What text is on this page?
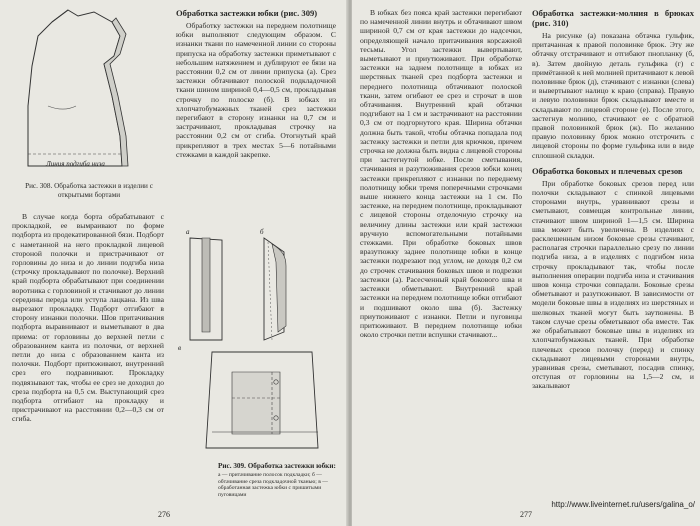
Линия подгиба низа
Рис. 308. Обработка застежки в изделии с открытыми бортами

В случае когда борта обрабатывают с прокладкой, ее вымраивают по форме подборта из продекатированной бязи. Подборт с наметанной на него прокладкой лицевой стороной полочки и пристрачивают от горловины до низа и до линии подгиба низа (строчку прокладывают по полочке). Верхний край подборта обрабатывают при соединении воротника с горловиной и стачивают до линии середины переда или уступа лацкана. Из шва вырезают прокладку. Подборт отгибают в сторону изнанки полочки. Шов притачивания подборта выравнивают и выметывают в два приема: от горловины до верхней петли с образованием канта из полочки, от верхней петли до низа с образованием канта из полочки. Подборт притюживают, внутренний срез его подравнивают. Прокладку подвязывают так, чтобы ее срез не доходил до среза подборта на 0,5 см. Выступающий срез подборта отгибают на прокладку и пристрачивают на расстоянии 0,2—0,3 см от сгиба.

Обработка застежки юбки (рис. 309)

Обработку застежки на переднем полотнище юбки выполняют следующим образом. С изнанки ткани по намеченной линии со стороны припуска на обработку застежки приметывают с небольшим натяжением и дублируют ее бязи на расстоянии 0,2 см от линии припуска (а). Срез застежки обтачивают полоской подкладочной ткани шином шириной 0,4—0,5 см, прокладывая строчку по полоске (б). В юбках из хлопчатобумажных тканей срез застежки перегибают в сторону изнанки на 0,7 см и застрачивают, прокладывая строчку на расстоянии 0,2 см от сгиба. Отогнутый край прикрепляют в трех местах 5—6 потайными стежками в каждой закрепке.

а	б
в
Рис. 309. Обработка застежки юбки:
а — притачивание полосок подкладки; б — обтачивание среза подкладочной тканью; в — обработанная застежка юбки с пришитыми пуговицами
276

В юбках без пояса край застежки перегибают по намеченной линии внутрь и обтачивают швом шириной 0,7 см от края застежки до надсечки, определяющей начало притачивания корсажной тесьмы. Угол застежки вывертывают, выметывают и приутюживают. При обработке застежки на заднем полотнище в юбках из шерстяных тканей срез подборта застежки и переднего полотнища обтачивают полоской ткани, затем огибают ее срез и строчат в шов обтачивания. Внутренний край обтачки подгибают на 1 см и застрачивают на расстоянии 0,3 см от подгорнутого края. Ширина обтачки должна быть такой, чтобы обтачка попадала под застежку застежки и петли для крючков, причем строчка не должна быть видна с лицевой стороны при застегнутой юбке. После сметывания, стачивания и разутюживания срезов юбки конец застежки прикрепляют с изнанки по переднему полотнищу юбки тремя поперечными строчками выше нижнего конца застежки на 1 см. По застежке, на переднем полотнище, прокладывают с лицевой стороны отделочную строчку на величину длины застежки или край застежки вручную вспомогательными потайными стежками. При обработке боковых швов вразутюжку заднее полотнище юбки в конце застежки подрезают под углом, не доходя 0,2 см до строчек стачивания боковых швов и подрезки застежки (а). Расесченный край бокового шва и застежки обметывают. Внутренний край застежки на переднем полотнище юбки отгибают и подшивают около шва (б). Застежку приутюживают с изнанки. Петли и пуговицы притюживают. В переднем полотнище юбки около строчки петли вспушки стачивают...

Обработка застежки-молния в брюках (рис. 310)

На рисунке (а) показана обтачка гульфик, притачанная к правой половинке брюк. Эту же обтачку отстрачивают и отгибают пнопланку (б, в). Затем двойную деталь гульфика (г) с примётанной к ней молнией притачивают к левой половинке брюк (д), стачивают с изнанки (слева) и вывертывают налицо к краю (справа). Правую и левую половинки брюк складывают вместе и складывают по лицевой стороне (е). После этого, застегнув молнию, стачивают ее с обратной правой половинкой брюк (ж). По желанию правую половинку брюк можно отстрочить с лицевой стороны по форме гульфика или в виде сплошной складки.

Обработка боковых и плечевых срезов

При обработке боковых срезов перед или полочки складывают с спинкой лицевыми сторонами внутрь, уравнивают срезы и сметывают, совмещая контрольные линии, стачивают швом шириной 1—1,5 см. Ширина шва может быть увеличена. В изделиях с расклешенным низом боковые срезы стачивают, располагая строчки параллельно срезу по линии подгиба низа, а в изделиях с подгибом низа строчку прокладывают так, чтобы после выполнения операции подгиба низа и стачивания швов конца строчки совпадали. Боковые срезы обметывают и разутюживают. В зависимости от модели боковые швы в изделиях из шерстяных и шелковых тканей могут быть заутюжены. В таком случае срезы обметывают оба вместе. Так же обрабатывают боковые швы в изделиях из хлопчатобумажных тканей. При обработке плечевых срезов полочку (перед) и спинку складывают лицевыми сторонами внутрь, уравнивая срезы, сметывают, посадив спинку, отступая от горловины на 1,5—2 см, и закалывают

277
http://www.liveinternet.ru/users/galina_o/
